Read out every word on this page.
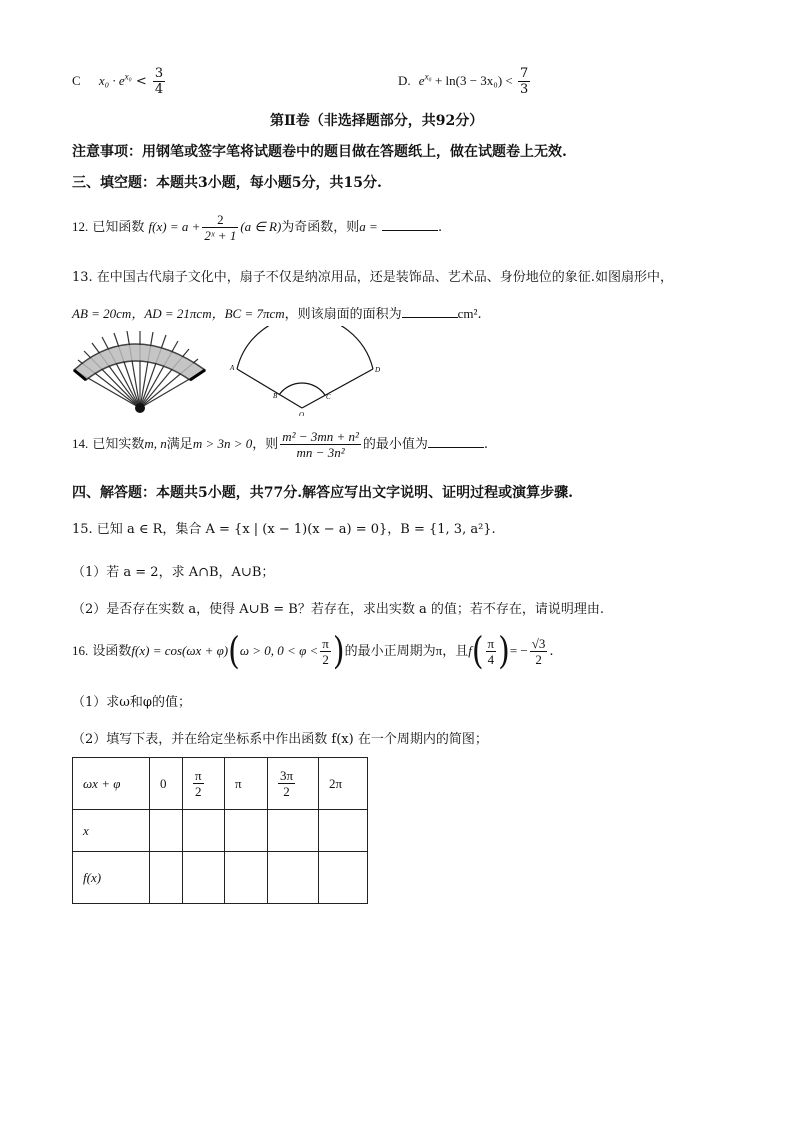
C $x_0 \cdot e^{x_0} < \frac{3}{4}$	D. $e^{x_0} + \ln(3 - 3x_0) < \frac{7}{3}$
第Ⅱ卷（非选择题部分，共92分）
注意事项：用钢笔或签字笔将试题卷中的题目做在答题纸上，做在试题卷上无效.
三、填空题：本题共3小题，每小题5分，共15分.
12. 已知函数 $f(x) = a + \frac{2}{\text{2ˣ + 1}} (a$ ∈ R)为奇函数，则a =	.
13. 在中国古代扇子文化中，扇子不仅是纳凉用品，还是装饰品、艺术品、身份地位的象征.如图扇形中，
AB = 20cm，AD = 21πcm，BC = 7πcm，则该扇面的面积为	cm².
A
B
O
C
D
14. 已知实数m, n满足m > 3n > 0，则 $\frac{\text{m² − 3mn + n²}}{\text{mn − 3n²}}$ 的最小值为	.
四、解答题：本题共5小题，共77分.解答应写出文字说明、证明过程或演算步骤.
15. 已知 a ∈ R，集合 A = {x | (x − 1)(x − a) = 0}，B = {1, 3, a²}.
（1）若 a = 2，求 A∩B，A∪B；
（2）是否存在实数 a，使得 A∪B = B？若存在，求出实数 a 的值；若不存在，请说明理由.
16. 设函数f(x) = cos(ωx + φ)(ω > 0, $0 < \varphi < \frac{\pi}{2}$ )的最小正周期为π，且$f( \frac{\pi}{4}$ )= − $\frac{√3}{2}$ .
（1）求ω和φ的值；
（2）填写下表，并在给定坐标系中作出函数 f(x) 在一个周期内的简图；
ωx + φ	0	$\frac{\pi}{2}$	π	$\frac{3\pi}{2}$	2π
x					
f(x)					
